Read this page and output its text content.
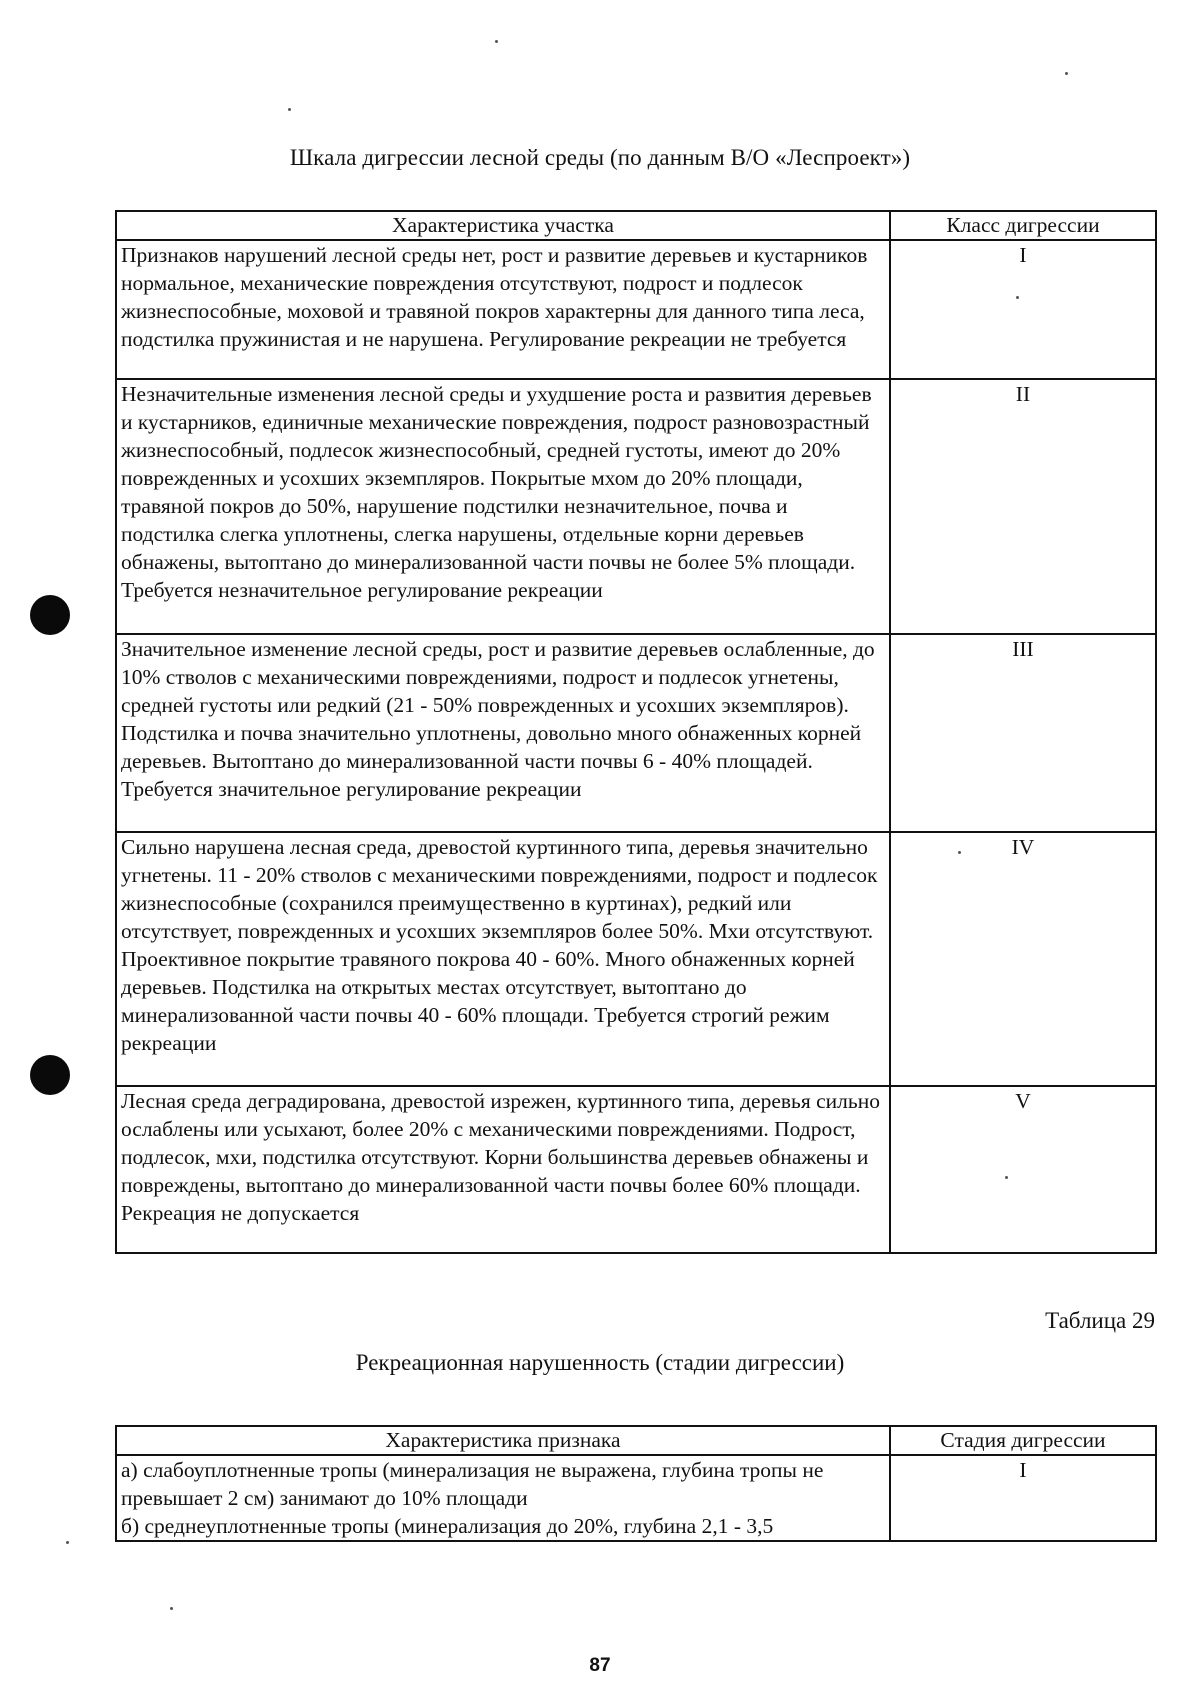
Шкала дигрессии лесной среды (по данным В/О «Леспроект»)
Характеристика участка	Класс дигрессии
Признаков нарушений лесной среды нет, рост и развитие деревьев и кустарников нормальное, механические повреждения отсутствуют, подрост и подлесок жизнеспособные, моховой и травяной покров характерны для данного типа леса, подстилка пружинистая и не нарушена. Регулирование рекреации не требуется	I
Незначительные изменения лесной среды и ухудшение роста и развития деревьев и кустарников, единичные механические повреждения, подрост разновозрастный жизнеспособный, подлесок жизнеспособный, средней густоты, имеют до 20% поврежденных и усохших экземпляров. Покрытые мхом до 20% площади, травяной покров до 50%, нарушение подстилки незначительное, почва и подстилка слегка уплотнены, слегка нарушены, отдельные корни деревьев обнажены, вытоптано до минерализованной части почвы не более 5% площади. Требуется незначительное регулирование рекреации	II
Значительное изменение лесной среды, рост и развитие деревьев ослабленные, до 10% стволов с механическими повреждениями, подрост и подлесок угнетены, средней густоты или редкий (21 - 50% поврежденных и усохших экземпляров). Подстилка и почва значительно уплотнены, довольно много обнаженных корней деревьев. Вытоптано до минерализованной части почвы 6 - 40% площадей. Требуется значительное регулирование рекреации	III
Сильно нарушена лесная среда, древостой куртинного типа, деревья значительно угнетены. 11 - 20% стволов с механическими повреждениями, подрост и подлесок жизнеспособные (сохранился преимущественно в куртинах), редкий или отсутствует, поврежденных и усохших экземпляров более 50%. Мхи отсутствуют. Проективное покрытие травяного покрова 40 - 60%. Много обнаженных корней деревьев. Подстилка на открытых местах отсутствует, вытоптано до минерализованной части почвы 40 - 60% площади. Требуется строгий режим рекреации	IV
Лесная среда деградирована, древостой изрежен, куртинного типа, деревья сильно ослаблены или усыхают, более 20% с механическими повреждениями. Подрост, подлесок, мхи, подстилка отсутствуют. Корни большинства деревьев обнажены и повреждены, вытоптано до минерализованной части почвы более 60% площади. Рекреация не допускается	V
Таблица 29
Рекреационная нарушенность (стадии дигрессии)
Характеристика признака	Стадия дигрессии

а) слабоуплотненные тропы (минерализация не выражена, глубина тропы не превышает 2 см) занимают до 10% площади
б) среднеуплотненные тропы (минерализация до 20%, глубина 2,1 - 3,5	I
87
